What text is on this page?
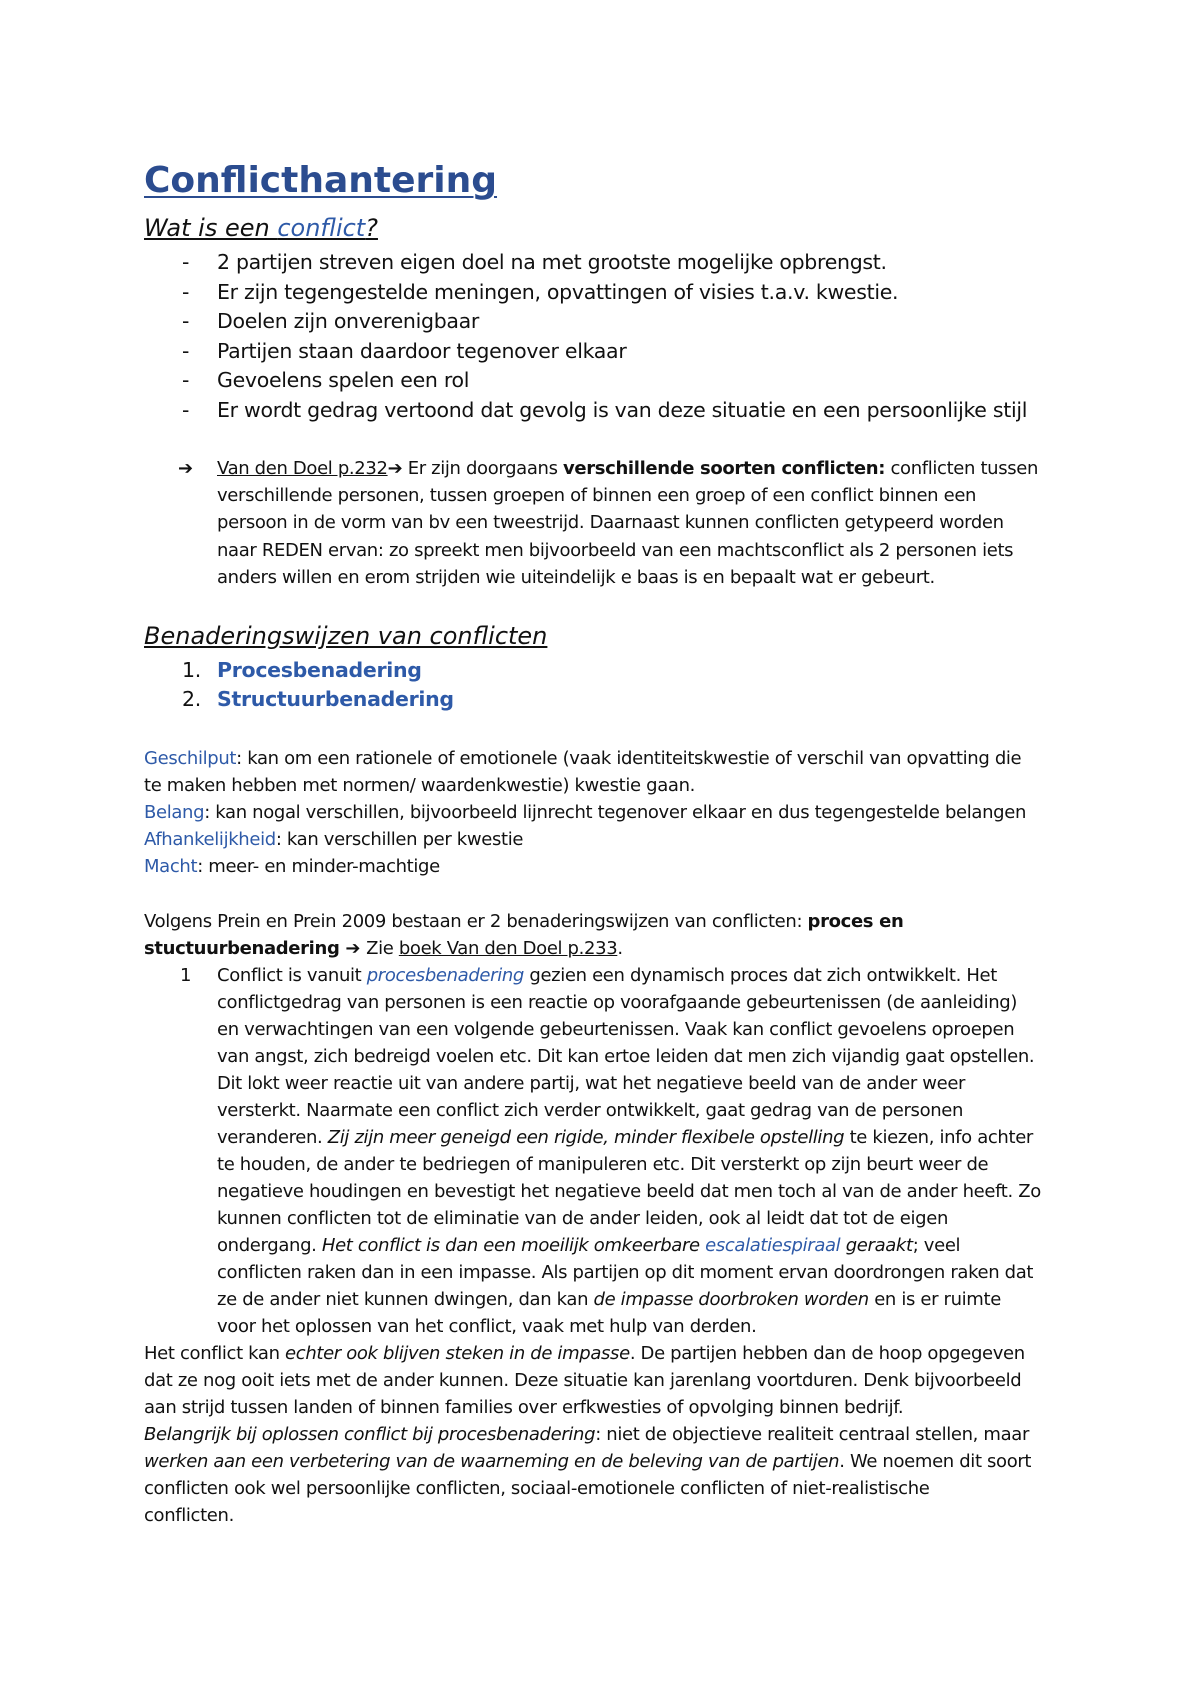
Conflicthantering
Wat is een conflict?
- 2 partijen streven eigen doel na met grootste mogelijke opbrengst.
- Er zijn tegengestelde meningen, opvattingen of visies t.a.v. kwestie.
- Doelen zijn onverenigbaar
- Partijen staan daardoor tegenover elkaar
- Gevoelens spelen een rol
- Er wordt gedrag vertoond dat gevolg is van deze situatie en een persoonlijke stijl
➔ Van den Doel p.232➔ Er zijn doorgaans verschillende soorten conflicten: conflicten tussen
verschillende personen, tussen groepen of binnen een groep of een conflict binnen een
persoon in de vorm van bv een tweestrijd. Daarnaast kunnen conflicten getypeerd worden
naar REDEN ervan: zo spreekt men bijvoorbeeld van een machtsconflict als 2 personen iets
anders willen en erom strijden wie uiteindelijk e baas is en bepaalt wat er gebeurt.
Benaderingswijzen van conflicten
1. Procesbenadering
2. Structuurbenadering
Geschilput: kan om een rationele of emotionele (vaak identiteitskwestie of verschil van opvatting die
te maken hebben met normen/ waardenkwestie) kwestie gaan.
Belang: kan nogal verschillen, bijvoorbeeld lijnrecht tegenover elkaar en dus tegengestelde belangen
Afhankelijkheid: kan verschillen per kwestie
Macht: meer- en minder-machtige
Volgens Prein en Prein 2009 bestaan er 2 benaderingswijzen van conflicten: proces en
stuctuurbenadering ➔ Zie boek Van den Doel p.233.
1 Conflict is vanuit procesbenadering gezien een dynamisch proces dat zich ontwikkelt. Het
conflictgedrag van personen is een reactie op voorafgaande gebeurtenissen (de aanleiding)
en verwachtingen van een volgende gebeurtenissen. Vaak kan conflict gevoelens oproepen
van angst, zich bedreigd voelen etc. Dit kan ertoe leiden dat men zich vijandig gaat opstellen.
Dit lokt weer reactie uit van andere partij, wat het negatieve beeld van de ander weer
versterkt. Naarmate een conflict zich verder ontwikkelt, gaat gedrag van de personen
veranderen. Zij zijn meer geneigd een rigide, minder flexibele opstelling te kiezen, info achter
te houden, de ander te bedriegen of manipuleren etc. Dit versterkt op zijn beurt weer de
negatieve houdingen en bevestigt het negatieve beeld dat men toch al van de ander heeft. Zo
kunnen conflicten tot de eliminatie van de ander leiden, ook al leidt dat tot de eigen
ondergang. Het conflict is dan een moeilijk omkeerbare escalatiespiraal geraakt; veel
conflicten raken dan in een impasse. Als partijen op dit moment ervan doordrongen raken dat
ze de ander niet kunnen dwingen, dan kan de impasse doorbroken worden en is er ruimte
voor het oplossen van het conflict, vaak met hulp van derden.
Het conflict kan echter ook blijven steken in de impasse. De partijen hebben dan de hoop opgegeven
dat ze nog ooit iets met de ander kunnen. Deze situatie kan jarenlang voortduren. Denk bijvoorbeeld
aan strijd tussen landen of binnen families over erfkwesties of opvolging binnen bedrijf.
Belangrijk bij oplossen conflict bij procesbenadering: niet de objectieve realiteit centraal stellen, maar
werken aan een verbetering van de waarneming en de beleving van de partijen. We noemen dit soort
conflicten ook wel persoonlijke conflicten, sociaal-emotionele conflicten of niet-realistische
conflicten.
